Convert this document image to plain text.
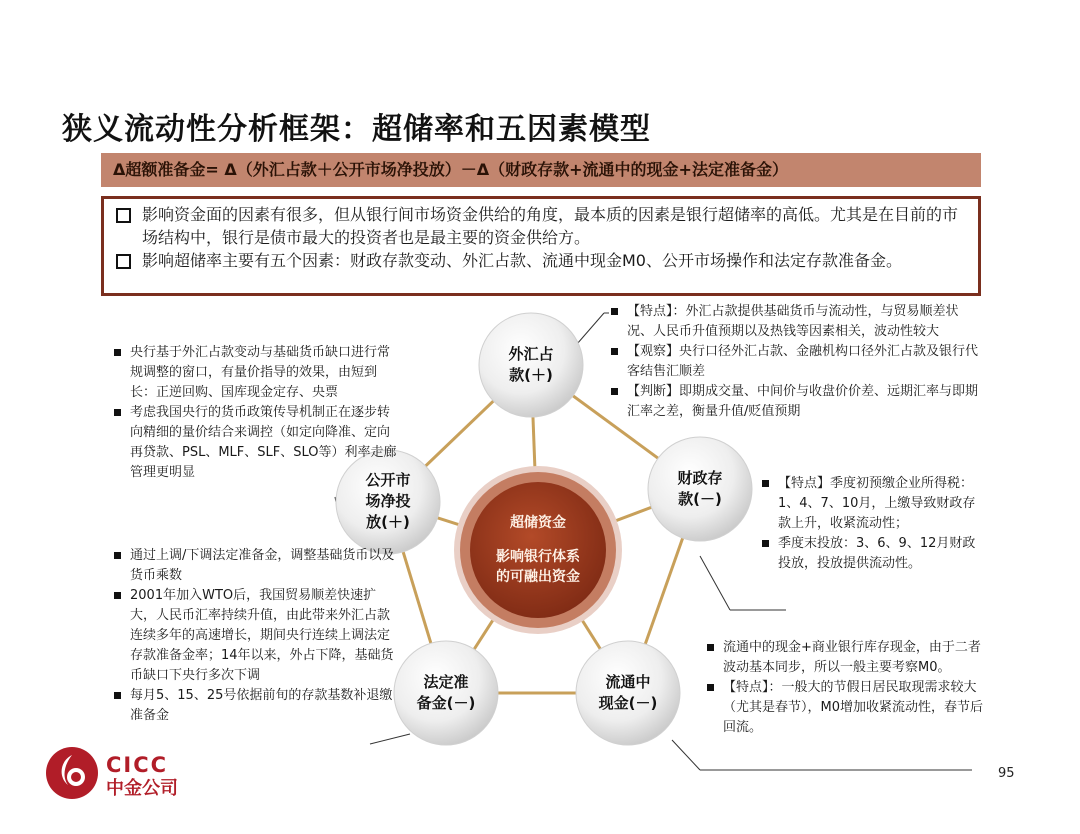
狭义流动性分析框架：超储率和五因素模型
Δ超额准备金= Δ（外汇占款＋公开市场净投放）－Δ（财政存款+流通中的现金+法定准备金）
影响资金面的因素有很多，但从银行间市场资金供给的角度，最本质的因素是银行超储率的高低。尤其是在目前的市场结构中，银行是债市最大的投资者也是最主要的资金供给方。
影响超储率主要有五个因素：财政存款变动、外汇占款、流通中现金M0、公开市场操作和法定存款准备金。
超储资金
影响银行体系
的可融出资金
外汇占
款(＋)
财政存
款(－)
流通中
现金(－)
法定准
备金(－)
公开市
场净投
放(＋)
【特点】：外汇占款提供基础货币与流动性，与贸易顺差状况、人民币升值预期以及热钱等因素相关，波动性较大
【观察】央行口径外汇占款、金融机构口径外汇占款及银行代客结售汇顺差
【判断】即期成交量、中间价与收盘价价差、远期汇率与即期汇率之差，衡量升值/贬值预期
央行基于外汇占款变动与基础货币缺口进行常规调整的窗口，有量价指导的效果，由短到长：正逆回购、国库现金定存、央票
考虑我国央行的货币政策传导机制正在逐步转向精细的量价结合来调控（如定向降准、定向再贷款、PSL、MLF、SLF、SLO等）利率走廊管理更明显
【特点】季度初预缴企业所得税：1、4、7、10月，上缴导致财政存款上升，收紧流动性；
季度末投放：3、6、9、12月财政投放，投放提供流动性。
通过上调/下调法定准备金，调整基础货币以及货币乘数
2001年加入WTO后，我国贸易顺差快速扩大，人民币汇率持续升值，由此带来外汇占款连续多年的高速增长，期间央行连续上调法定存款准备金率；14年以来，外占下降，基础货币缺口下央行多次下调
每月5、15、25号依据前旬的存款基数补退缴准备金
流通中的现金+商业银行库存现金，由于二者波动基本同步，所以一般主要考察M0。
【特点】：一般大的节假日居民取现需求较大（尤其是春节），M0增加收紧流动性，春节后回流。
CICC
中金公司
95
